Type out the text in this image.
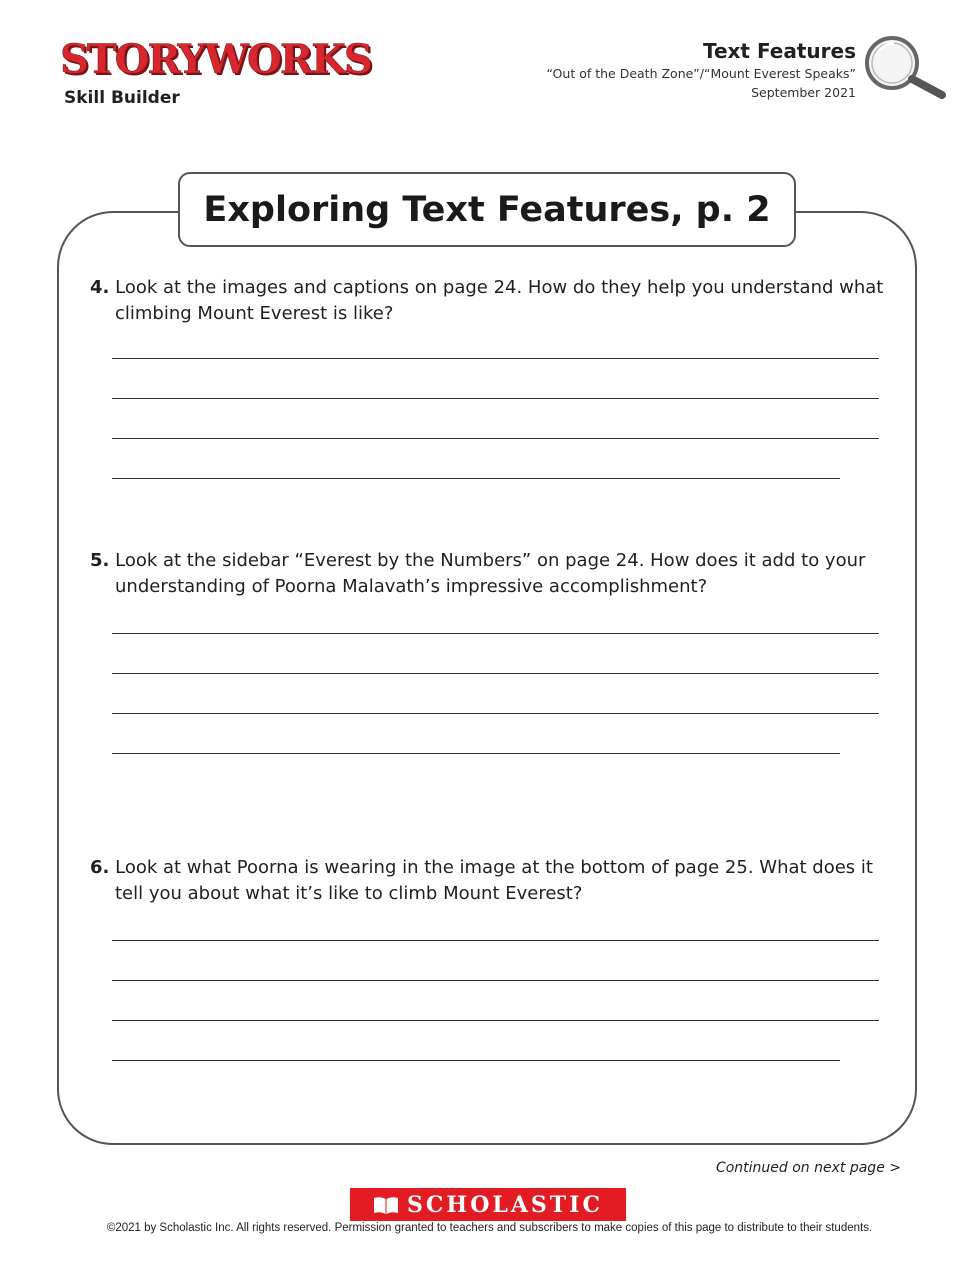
STORYWORKS
Skill Builder
Text Features
“Out of the Death Zone”/“Mount Everest Speaks”
September 2021
Exploring Text Features, p. 2
4. Look at the images and captions on page 24. How do they help you understand what climbing Mount Everest is like?
5. Look at the sidebar “Everest by the Numbers” on page 24. How does it add to your understanding of Poorna Malavath’s impressive accomplishment?
6. Look at what Poorna is wearing in the image at the bottom of page 25. What does it tell you about what it’s like to climb Mount Everest?
Continued on next page >
SCHOLASTIC
©2021 by Scholastic Inc. All rights reserved. Permission granted to teachers and subscribers to make copies of this page to distribute to their students.
